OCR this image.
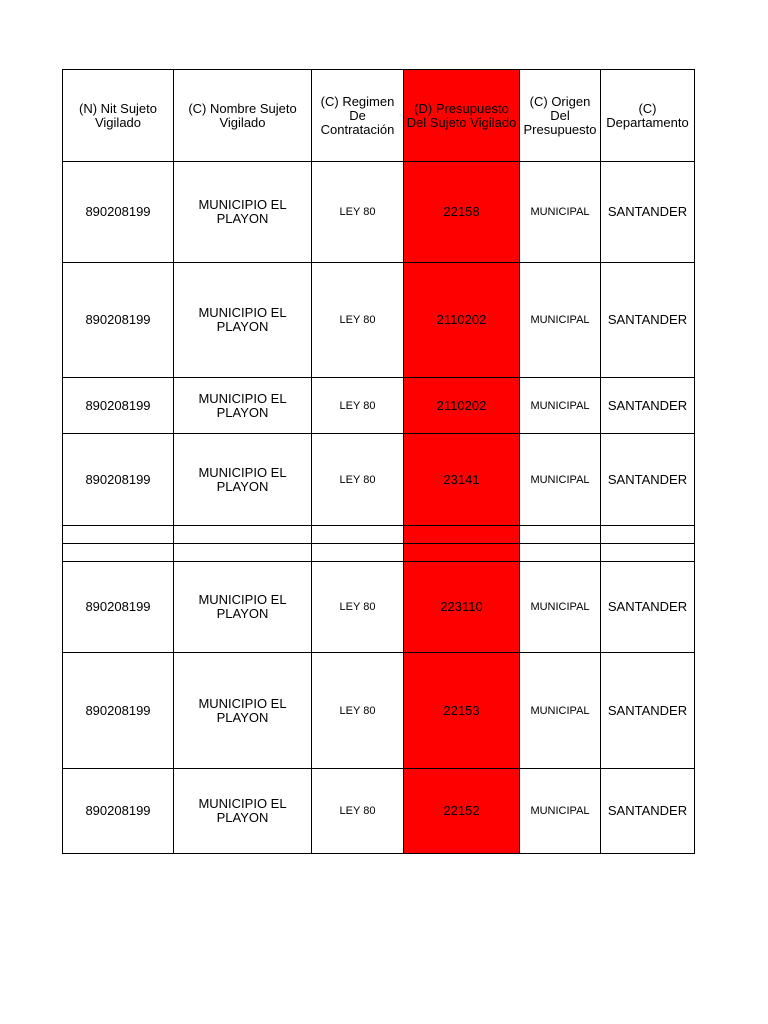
(N) Nit Sujeto Vigilado	(C) Nombre Sujeto Vigilado	(C) Regimen De Contratación	(D) Presupuesto Del Sujeto Vigilado	(C) Origen Del Presupuesto	(C) Departamento
890208199	MUNICIPIO EL PLAYON	LEY 80	22158	MUNICIPAL	SANTANDER
890208199	MUNICIPIO EL PLAYON	LEY 80	2110202	MUNICIPAL	SANTANDER
890208199	MUNICIPIO EL PLAYON	LEY 80	2110202	MUNICIPAL	SANTANDER
890208199	MUNICIPIO EL PLAYON	LEY 80	23141	MUNICIPAL	SANTANDER

890208199	MUNICIPIO EL PLAYON	LEY 80	223110	MUNICIPAL	SANTANDER
890208199	MUNICIPIO EL PLAYON	LEY 80	22153	MUNICIPAL	SANTANDER
890208199	MUNICIPIO EL PLAYON	LEY 80	22152	MUNICIPAL	SANTANDER
